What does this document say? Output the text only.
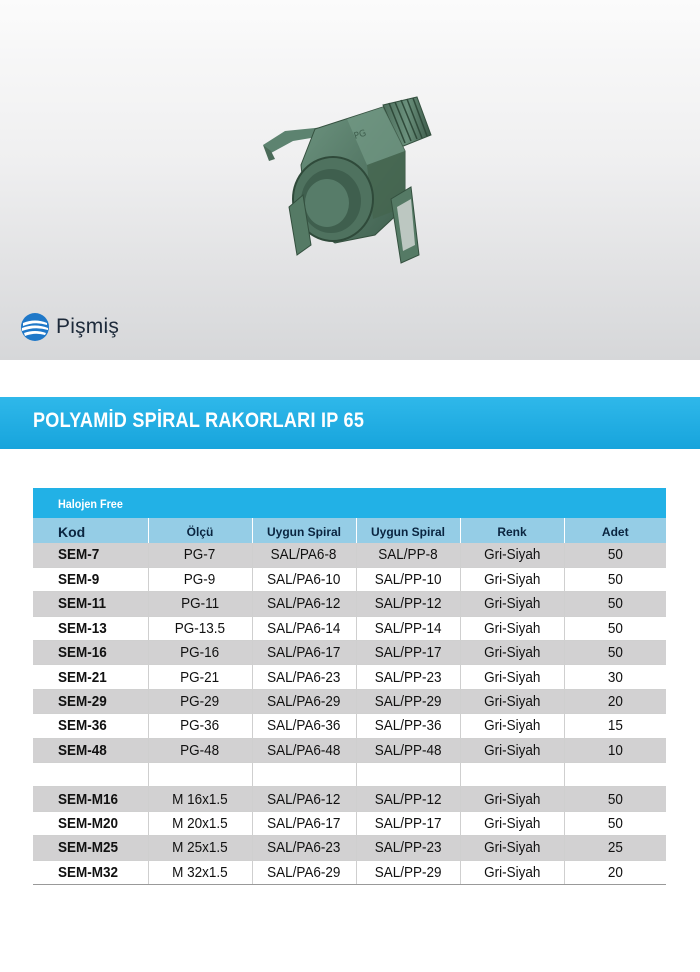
PG
Pişmiş
POLYAMİD SPİRAL RAKORLARI IP 65
Halojen Free
Kod	Ölçü	Uygun Spiral	Uygun Spiral	Renk	Adet
SEM-7	PG-7	SAL/PA6-8	SAL/PP-8	Gri-Siyah	50
SEM-9	PG-9	SAL/PA6-10	SAL/PP-10	Gri-Siyah	50
SEM-11	PG-11	SAL/PA6-12	SAL/PP-12	Gri-Siyah	50
SEM-13	PG-13.5	SAL/PA6-14	SAL/PP-14	Gri-Siyah	50
SEM-16	PG-16	SAL/PA6-17	SAL/PP-17	Gri-Siyah	50
SEM-21	PG-21	SAL/PA6-23	SAL/PP-23	Gri-Siyah	30
SEM-29	PG-29	SAL/PA6-29	SAL/PP-29	Gri-Siyah	20
SEM-36	PG-36	SAL/PA6-36	SAL/PP-36	Gri-Siyah	15
SEM-48	PG-48	SAL/PA6-48	SAL/PP-48	Gri-Siyah	10

SEM-M16	M 16x1.5	SAL/PA6-12	SAL/PP-12	Gri-Siyah	50
SEM-M20	M 20x1.5	SAL/PA6-17	SAL/PP-17	Gri-Siyah	50
SEM-M25	M 25x1.5	SAL/PA6-23	SAL/PP-23	Gri-Siyah	25
SEM-M32	M 32x1.5	SAL/PA6-29	SAL/PP-29	Gri-Siyah	20
